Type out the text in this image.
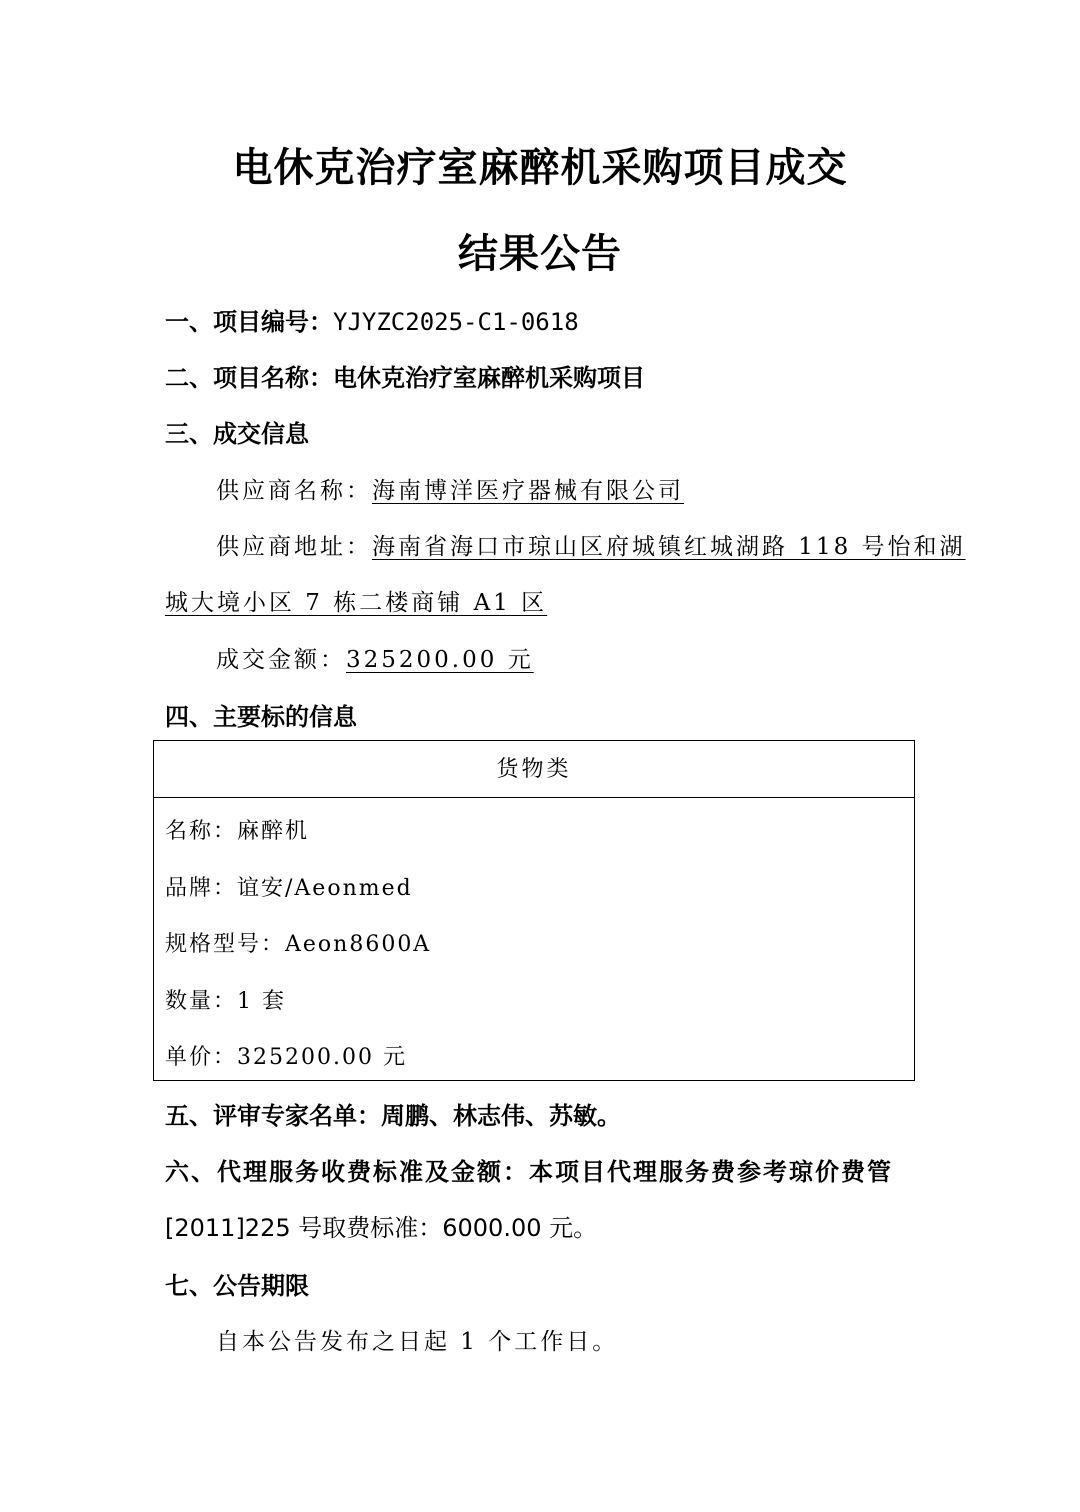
电休克治疗室麻醉机采购项目成交
结果公告
一、项目编号：YJYZC2025-C1-0618
二、项目名称：电休克治疗室麻醉机采购项目
三、成交信息
供应商名称：海南博洋医疗器械有限公司
供应商地址：海南省海口市琼山区府城镇红城湖路 118 号怡和湖
城大境小区 7 栋二楼商铺 A1 区
成交金额：325200.00 元
四、主要标的信息
货物类
名称：麻醉机
品牌：谊安/Aeonmed
规格型号：Aeon8600A
数量：1 套
单价：325200.00 元
五、评审专家名单：周鹏、林志伟、苏敏。
六、代理服务收费标准及金额：本项目代理服务费参考琼价费管
[2011]225 号取费标准：6000.00 元。
七、公告期限
自本公告发布之日起 1 个工作日。
